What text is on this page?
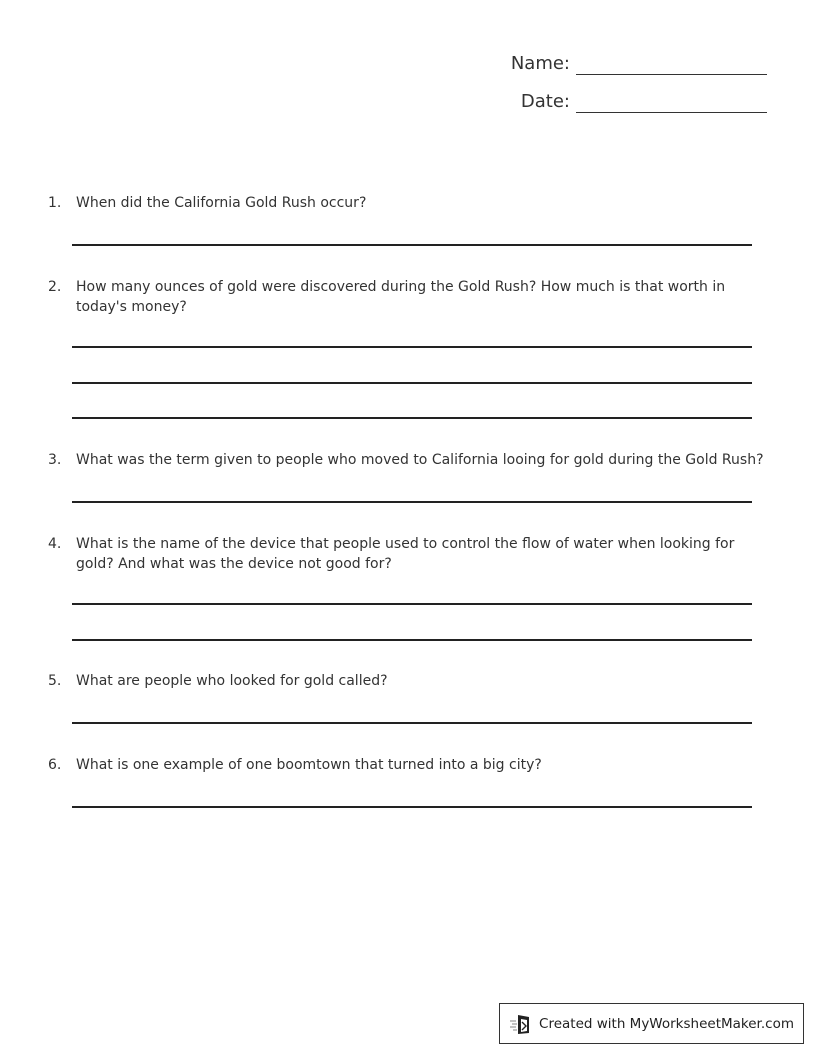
Name:
Date:
1. When did the California Gold Rush occur?
2. How many ounces of gold were discovered during the Gold Rush? How much is that worth in today's money?
3. What was the term given to people who moved to California looing for gold during the Gold Rush?
4. What is the name of the device that people used to control the flow of water when looking for gold? And what was the device not good for?
5. What are people who looked for gold called?
6. What is one example of one boomtown that turned into a big city?
Created with MyWorksheetMaker.com
